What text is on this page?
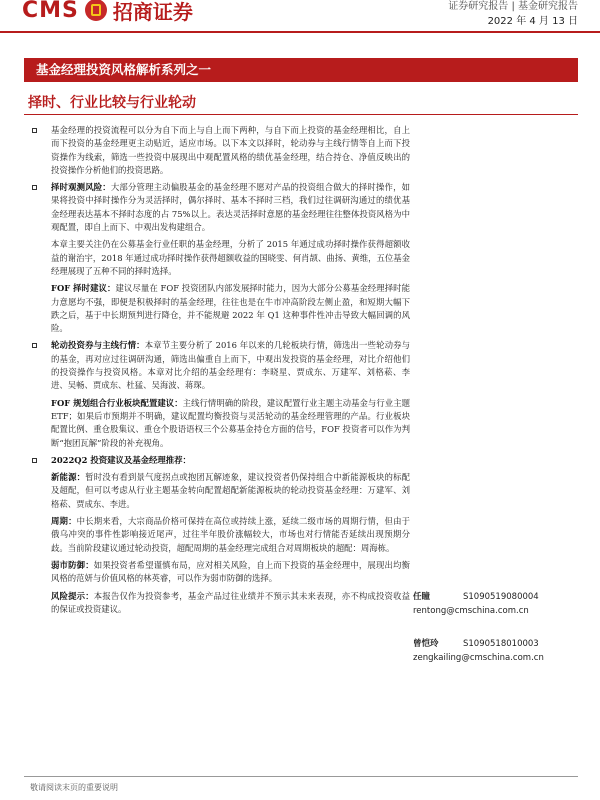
CMS 招商证券	证券研究报告 | 基金研究报告
2022 年 4 月 13 日
基金经理投资风格解析系列之一
择时、行业比较与行业轮动

基金经理的投资流程可以分为自下而上与自上而下两种，与自下而上投资的基金经理相比，自上而下投资的基金经理更主动贴近，适应市场。以下本文以择时，轮动券与主线行情等自上而下投资操作为线索，筛选一些投资中展现出中观配置风格的绩优基金经理，结合持仓、净值反映出的投资操作分析他们的投资思路。

择时观测风险：大部分管理主动偏股基金的基金经理不愿对产品的投资组合做大的择时操作，如果将投资中择时操作分为灵活择时，偶尔择时、基本不择时三档，我们过往调研沟通过的绩优基金经理表达基本不择时态度的占 75%以上。表达灵活择时意愿的基金经理往往整体投资风格为中观配置，即自上而下、中观出发构建组合。

本章主要关注仍在公募基金行业任职的基金经理，分析了 2015 年通过成功择时操作获得超额收益的谢治宇，2018 年通过成功择时操作获得超额收益的国晓雯、何肖颉、曲扬、黄维，五位基金经理展现了五种不同的择时选择。

FOF 择时建议：建议尽量在 FOF 投资团队内部发展择时能力，因为大部分公募基金经理择时能力意愿均不强，即便是积极择时的基金经理，往往也是在牛市冲高阶段左侧止盈，和短期大幅下跌之后，基于中长期预判进行降仓，并不能规避 2022 年 Q1 这种事件性冲击导致大幅回调的风险。

轮动投资券与主线行情：本章节主要分析了 2016 年以来的几轮板块行情，筛选出一些轮动券与的基金，再对应过往调研沟通，筛选出偏重自上而下，中观出发投资的基金经理，对比介绍他们的投资操作与投资风格。本章对比介绍的基金经理有：李晓星、贾成东、万建军、刘格菘、李进、吴畅、贾成东、杜猛、吴海波、蒋琛。

FOF 规划组合行业板块配置建议：主线行情明确的阶段，建议配置行业主题主动基金与行业主题 ETF；如果后市预期并不明确，建议配置均衡投资与灵活轮动的基金经理管理的产品。行业板块配置比例、重仓股集议、重仓个股语语权三个公募基金持仓方面的信号，FOF 投资者可以作为判断“抱团瓦解”阶段的补充视角。

2022Q2 投资建议及基金经理推荐：

新能源：暂时没有看到景气度拐点或抱团瓦解迹象，建议投资者仍保持组合中新能源板块的标配及超配，但可以考虑从行业主题基金转向配置超配新能源板块的轮动投资基金经理：万建军、刘格菘、贾成东、李进。

周期：中长期来看，大宗商品价格可保持在高位或持续上涨，延续二级市场的周期行情，但由于俄乌冲突的事件性影响接近尾声，过往半年股价涨幅较大，市场也对行情能否延续出现预期分歧。当前阶段建议通过轮动投资，超配周期的基金经理完成组合对周期板块的超配：周海栋。

弱市防御：如果投资者希望谨慎布局，应对相关风险，自上而下投资的基金经理中，展现出均衡风格的范妍与价值风格的林英睿，可以作为弱市防御的选择。

风险提示：本报告仅作为投资参考，基金产品过往业绩并不预示其未来表现，亦不构成投资收益的保证或投资建议。

任瞳	S1090519080004
rentong@cmschina.com.cn
曾恺玲	S1090518010003
zengkailing@cmschina.com.cn
敬请阅读末页的重要说明
